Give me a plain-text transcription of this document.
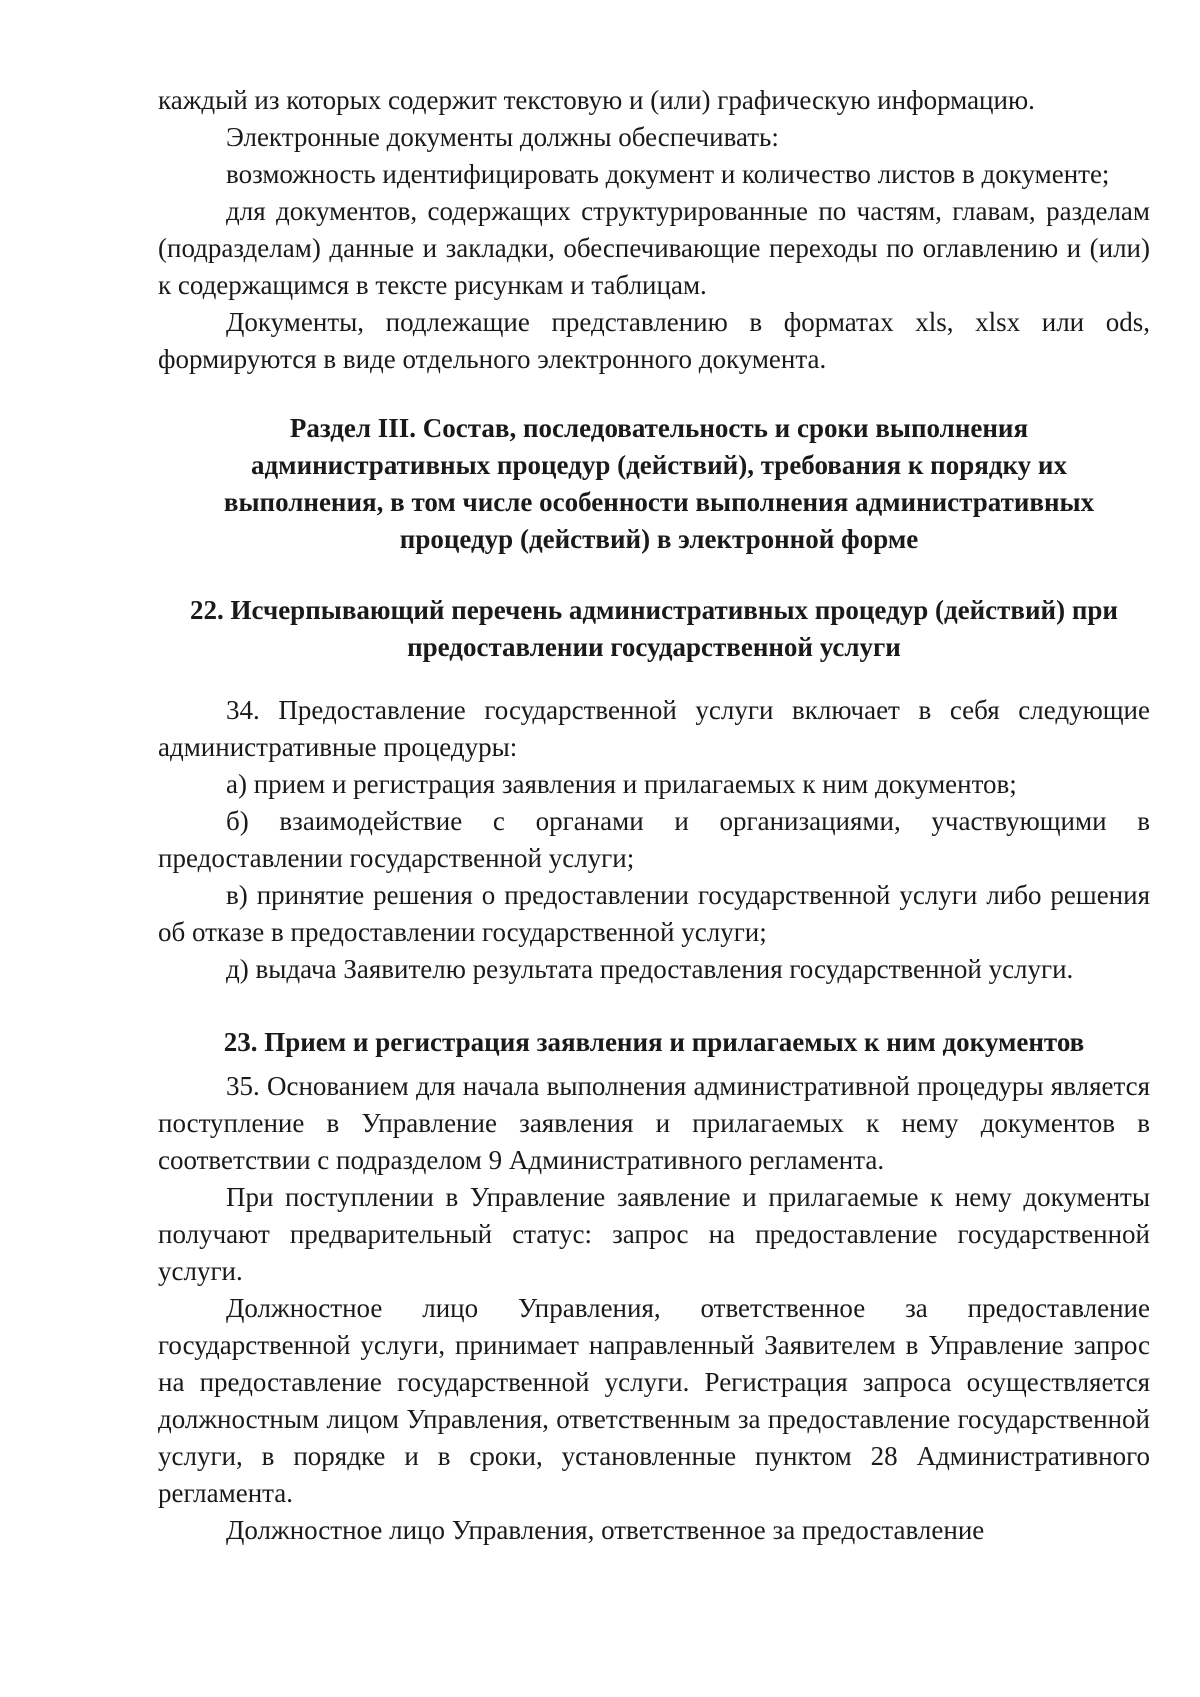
каждый из которых содержит текстовую и (или) графическую информацию.

Электронные документы должны обеспечивать:

возможность идентифицировать документ и количество листов в документе;

для документов, содержащих структурированные по частям, главам, разделам (подразделам) данные и закладки, обеспечивающие переходы по оглавлению и (или) к содержащимся в тексте рисункам и таблицам.

Документы, подлежащие представлению в форматах xls, xlsx или ods, формируются в виде отдельного электронного документа.

Раздел III. Состав, последовательность и сроки выполнения административных процедур (действий), требования к порядку их выполнения, в том числе особенности выполнения административных процедур (действий) в электронной форме

22. Исчерпывающий перечень административных процедур (действий) при предоставлении государственной услуги

34. Предоставление государственной услуги включает в себя следующие административные процедуры:

а) прием и регистрация заявления и прилагаемых к ним документов;

б) взаимодействие с органами и организациями, участвующими в предоставлении государственной услуги;

в) принятие решения о предоставлении государственной услуги либо решения об отказе в предоставлении государственной услуги;

д) выдача Заявителю результата предоставления государственной услуги.

23. Прием и регистрация заявления и прилагаемых к ним документов

35. Основанием для начала выполнения административной процедуры является поступление в Управление заявления и прилагаемых к нему документов в соответствии с подразделом 9 Административного регламента.

При поступлении в Управление заявление и прилагаемые к нему документы получают предварительный статус: запрос на предоставление государственной услуги.

Должностное лицо Управления, ответственное за предоставление государственной услуги, принимает направленный Заявителем в Управление запрос на предоставление государственной услуги. Регистрация запроса осуществляется должностным лицом Управления, ответственным за предоставление государственной услуги, в порядке и в сроки, установленные пунктом 28 Административного регламента.

Должностное лицо Управления, ответственное за предоставление
